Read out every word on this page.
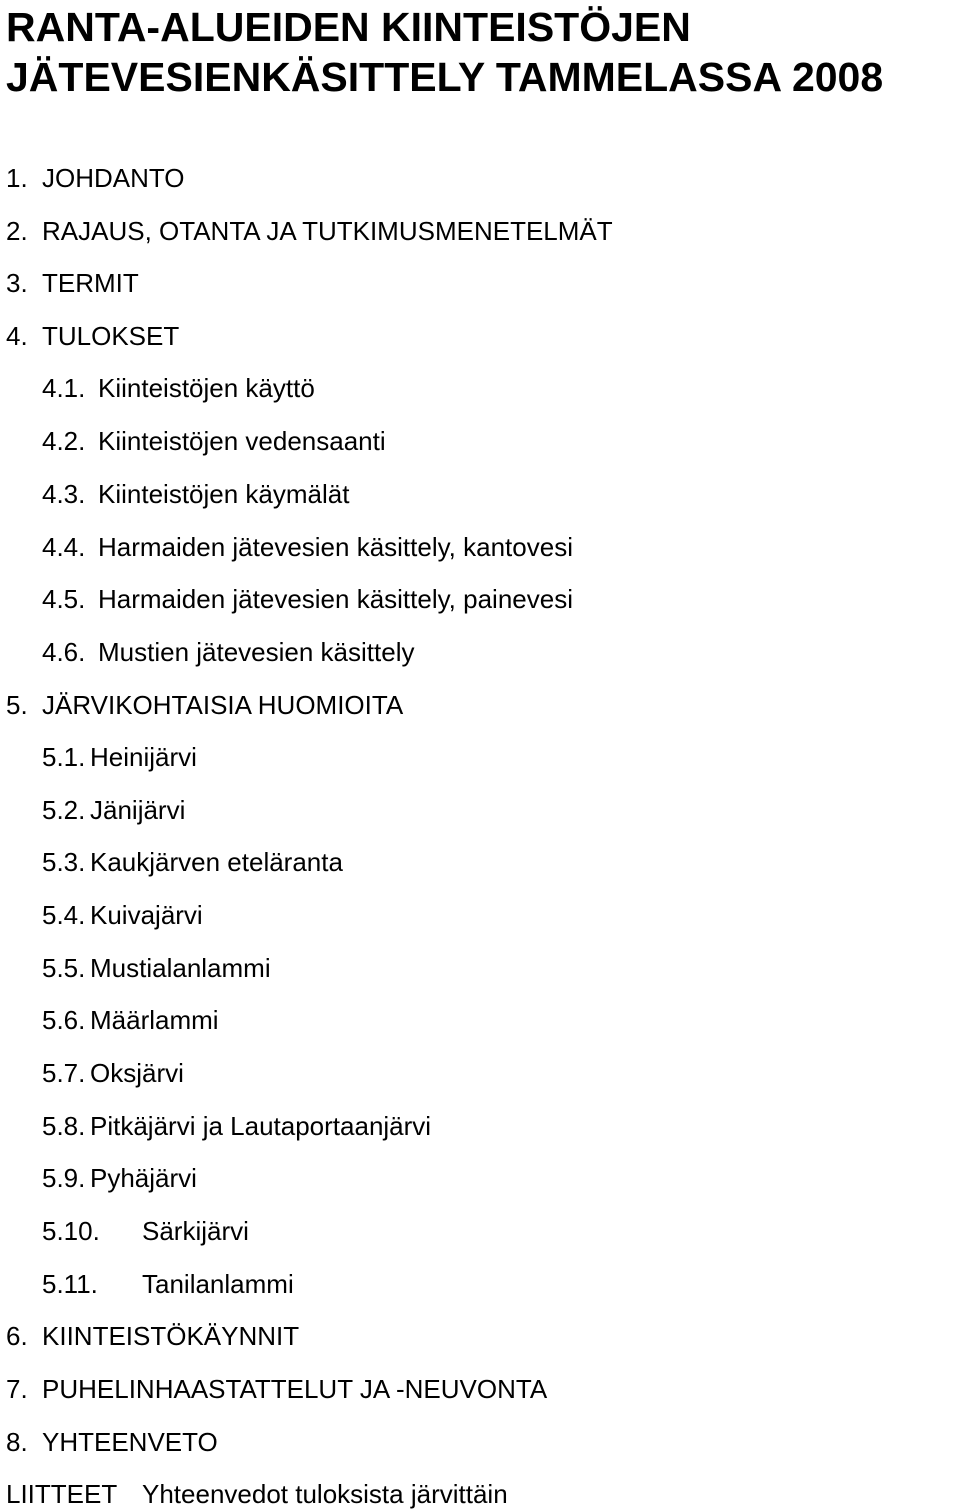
RANTA-ALUEIDEN KIINTEISTÖJEN
JÄTEVESIENKÄSITTELY TAMMELASSA 2008
1. JOHDANTO
2. RAJAUS, OTANTA JA TUTKIMUSMENETELMÄT
3. TERMIT
4. TULOKSET
4.1. Kiinteistöjen käyttö
4.2. Kiinteistöjen vedensaanti
4.3. Kiinteistöjen käymälät
4.4. Harmaiden jätevesien käsittely, kantovesi
4.5. Harmaiden jätevesien käsittely, painevesi
4.6. Mustien jätevesien käsittely
5. JÄRVIKOHTAISIA HUOMIOITA
5.1. Heinijärvi
5.2. Jänijärvi
5.3. Kaukjärven eteläranta
5.4. Kuivajärvi
5.5. Mustialanlammi
5.6. Määrlammi
5.7. Oksjärvi
5.8. Pitkäjärvi ja Lautaportaanjärvi
5.9. Pyhäjärvi
5.10. Särkijärvi
5.11. Tanilanlammi
6. KIINTEISTÖKÄYNNIT
7. PUHELINHAASTATTELUT JA -NEUVONTA
8. YHTEENVETO
LIITTEET Yhteenvedot tuloksista järvittäin
